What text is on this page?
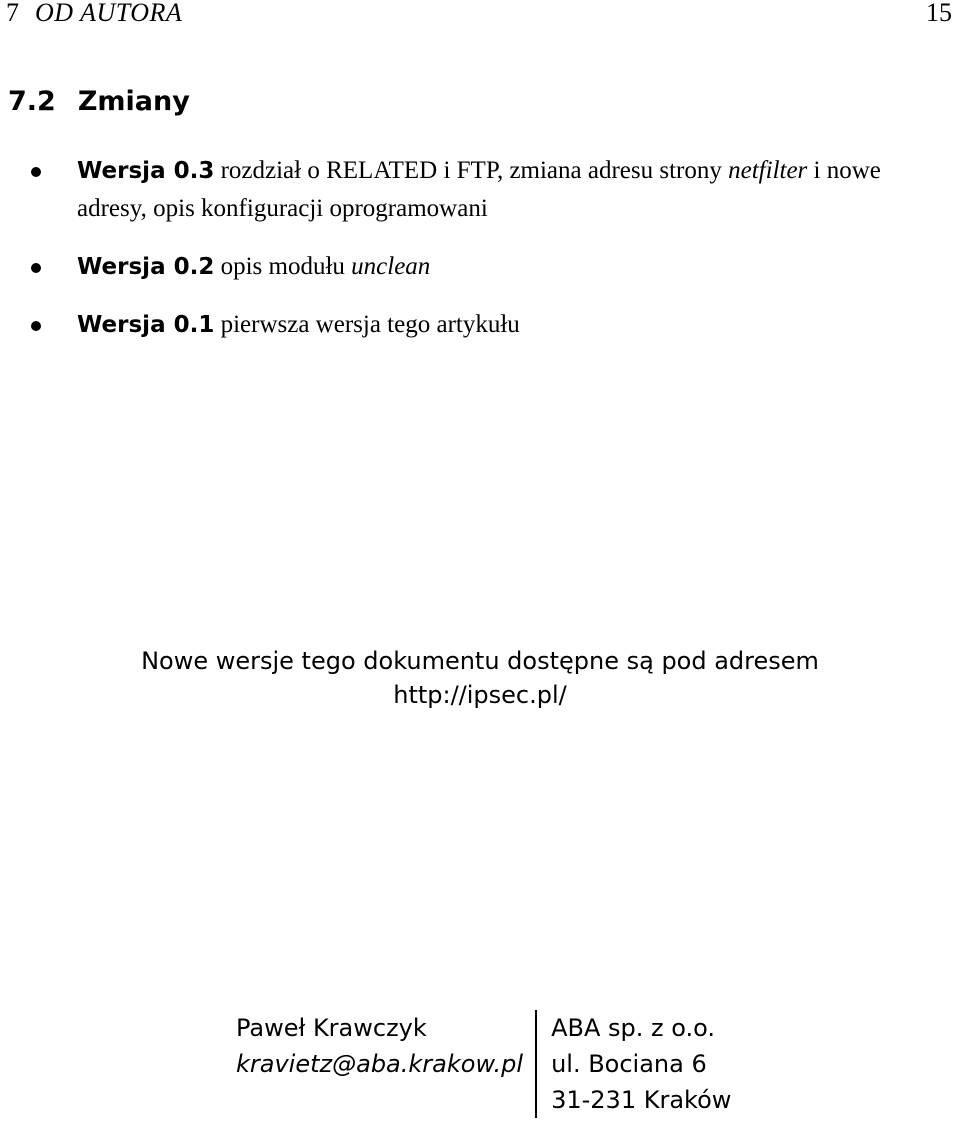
7 OD AUTORA	15
7.2 Zmiany
Wersja 0.3 rozdział o RELATED i FTP, zmiana adresu strony netfilter i nowe adresy, opis konfiguracji oprogramowani
Wersja 0.2 opis modułu unclean
Wersja 0.1 pierwsza wersja tego artykułu
Nowe wersje tego dokumentu dostępne są pod adresem
http://ipsec.pl/
Paweł Krawczyk
kravietz@aba.krakow.pl
ABA sp. z o.o.
ul. Bociana 6
31-231 Kraków
